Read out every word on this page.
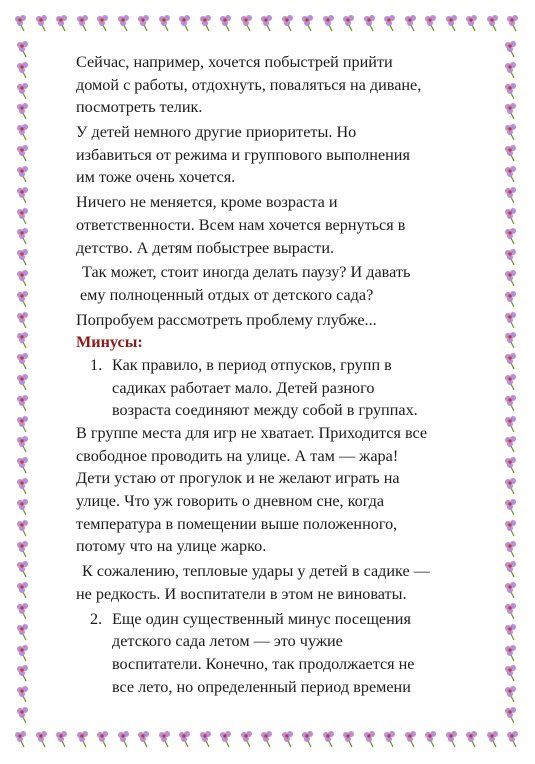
Сейчас, например, хочется побыстрей прийти
домой с работы, отдохнуть, поваляться на диване,
посмотреть телик.
У детей немного другие приоритеты. Но
избавиться от режима и группового выполнения
им тоже очень хочется.
Ничего не меняется, кроме возраста и
ответственности. Всем нам хочется вернуться в
детство. А детям побыстрее вырасти.
Так может, стоит иногда делать паузу? И давать
ему полноценный отдых от детского сада?
Попробуем рассмотреть проблему глубже...
Минусы:
1. Как правило, в период отпусков, групп в
садиках работает мало. Детей разного
возраста соединяют между собой в группах.
В группе места для игр не хватает. Приходится все
свободное проводить на улице. А там — жара!
Дети устаю от прогулок и не желают играть на
улице. Что уж говорить о дневном сне, когда
температура в помещении выше положенного,
потому что на улице жарко.
К сожалению, тепловые удары у детей в садике —
не редкость. И воспитатели в этом не виноваты.
2. Еще один существенный минус посещения
детского сада летом — это чужие
воспитатели. Конечно, так продолжается не
все лето, но определенный период времени
